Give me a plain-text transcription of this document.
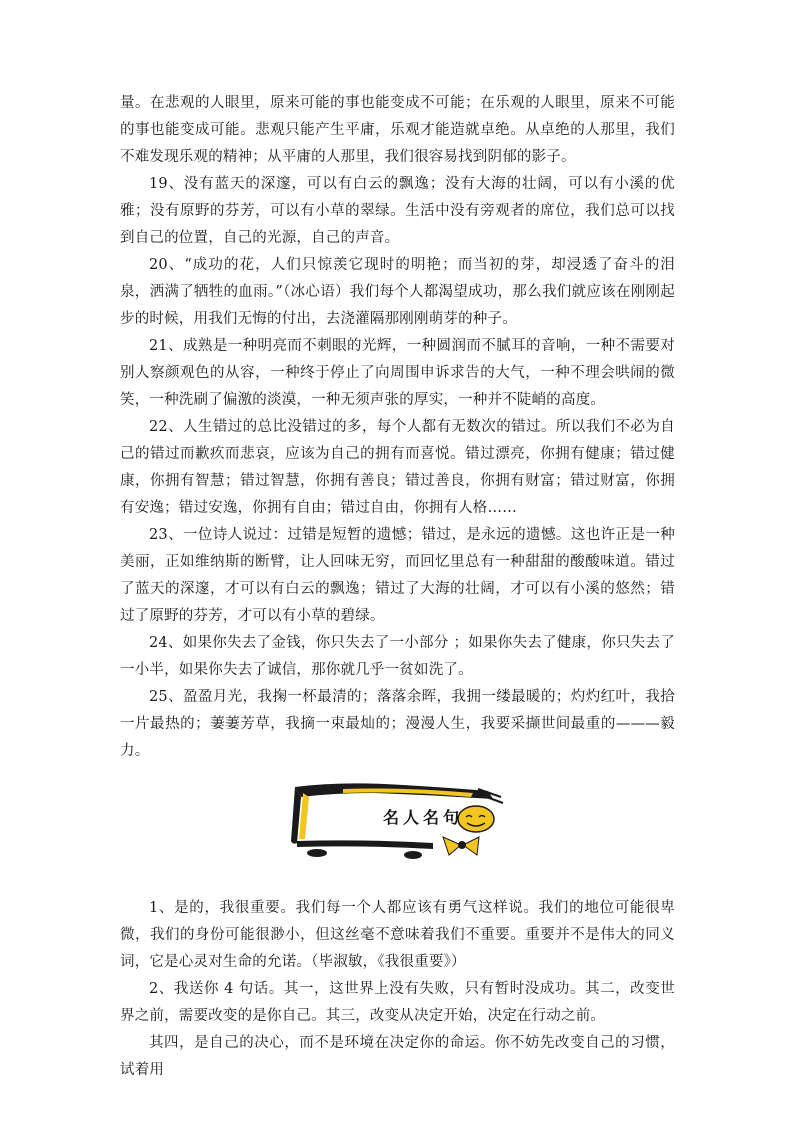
量。在悲观的人眼里，原来可能的事也能变成不可能；在乐观的人眼里，原来不可能的事也能变成可能。悲观只能产生平庸，乐观才能造就卓绝。从卓绝的人那里，我们不难发现乐观的精神；从平庸的人那里，我们很容易找到阴郁的影子。

19、没有蓝天的深邃，可以有白云的飘逸；没有大海的壮阔，可以有小溪的优雅；没有原野的芬芳，可以有小草的翠绿。生活中没有旁观者的席位，我们总可以找到自己的位置，自己的光源，自己的声音。

20、“成功的花，人们只惊羡它现时的明艳；而当初的芽，却浸透了奋斗的泪泉，洒满了牺牲的血雨。”（冰心语）我们每个人都渴望成功，那么我们就应该在刚刚起步的时候，用我们无悔的付出，去浇灌隔那刚刚萌芽的种子。

21、成熟是一种明亮而不刺眼的光辉，一种圆润而不腻耳的音响，一种不需要对别人察颜观色的从容，一种终于停止了向周围申诉求告的大气，一种不理会哄闹的微笑，一种洗刷了偏激的淡漠，一种无须声张的厚实，一种并不陡峭的高度。

22、人生错过的总比没错过的多，每个人都有无数次的错过。所以我们不必为自己的错过而歉疚而悲哀，应该为自己的拥有而喜悦。错过漂亮，你拥有健康；错过健康，你拥有智慧；错过智慧，你拥有善良；错过善良，你拥有财富；错过财富，你拥有安逸；错过安逸，你拥有自由；错过自由，你拥有人格……

23、一位诗人说过：过错是短暂的遗憾；错过，是永远的遗憾。这也许正是一种美丽，正如维纳斯的断臂，让人回味无穷，而回忆里总有一种甜甜的酸酸味道。错过了蓝天的深邃，才可以有白云的飘逸；错过了大海的壮阔，才可以有小溪的悠然；错过了原野的芬芳，才可以有小草的碧绿。

24、如果你失去了金钱，你只失去了一小部分 ；如果你失去了健康，你只失去了一小半，如果你失去了诚信，那你就几乎一贫如洗了。

25、盈盈月光，我掬一杯最清的；落落余晖，我拥一缕最暖的；灼灼红叶，我拾一片最热的；萋萋芳草，我摘一束最灿的；漫漫人生，我要采撷世间最重的———毅力。

名人名句

1、是的，我很重要。我们每一个人都应该有勇气这样说。我们的地位可能很卑微，我们的身份可能很渺小，但这丝毫不意味着我们不重要。重要并不是伟大的同义词，它是心灵对生命的允诺。（毕淑敏，《我很重要》）

2、我送你 4 句话。其一，这世界上没有失败，只有暂时没成功。其二，改变世界之前，需要改变的是你自己。其三，改变从决定开始，决定在行动之前。

其四，是自己的决心，而不是环境在决定你的命运。你不妨先改变自己的习惯，试着用
